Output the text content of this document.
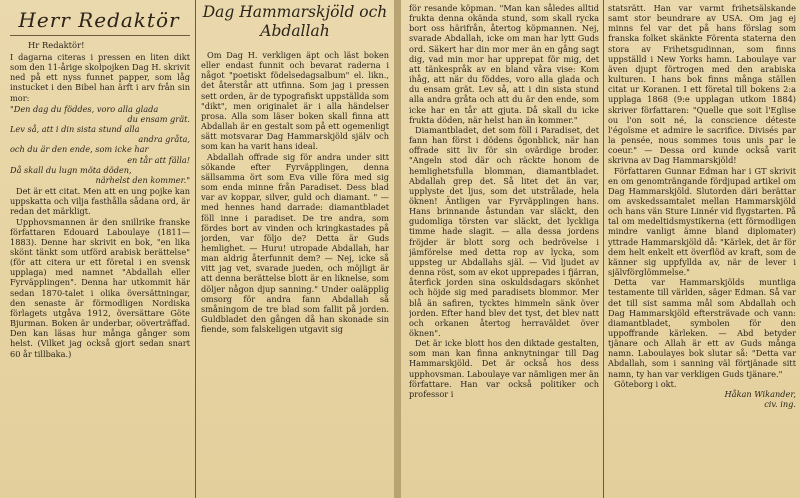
Herr Redaktör
Hr Redaktör!

I dagarna citeras i pressen en liten dikt som den 11-årige skolpojken Dag H. skrivit ned på ett nyss funnet papper, som låg instucket i den Bibel han ärft i arv från sin mor:

"Den dag du föddes, voro alla glada
du ensam grät.
Lev så, att i din sista stund alla
andra gråta,
och du är den ende, som icke har
en tår att fälla!
Då skall du lugn möta döden,
närhelst den kommer."

Det är ett citat. Men att en ung pojke kan uppskatta och vilja fasthålla sådana ord, är redan det märkligt.

Upphovsmannen är den snillrike franske författaren Edouard Laboulaye (1811—1883). Denne har skrivit en bok, "en lika skönt tänkt som utförd arabisk berättelse" (för att citera ur ett företal i en svensk upplaga) med namnet "Abdallah eller Fyrväpplingen". Denna har utkommit här sedan 1870-talet i olika översättningar, den senaste är förmodligen Nordiska förlagets utgåva 1912, översättare Göte Bjurman. Boken är underbar, oöverträffad. Den kan läsas hur många gånger som helst. (Vilket jag också gjort sedan snart 60 år tillbaka.)

Dag Hammarskjöld och Abdallah

Om Dag H. verkligen äpt och läst boken eller endast funnit och bevarat raderna i något "poetiskt födelsedagsalbum" el. likn., det återstår att utfinna. Som jag i pressen sett orden, är de typografiskt uppställda som "dikt", men originalet är i alla händelser prosa. Alla som läser boken skall finna att Abdallah är en gestalt som på ett ogemenligt sätt motsvarar Dag Hammarskjöld själv och som kan ha varit hans ideal.

Abdallah offrade sig för andra under sitt sökande efter Fyrväpplingen, denna sällsamma ört som Eva ville föra med sig som enda minne från Paradiset. Dess blad var av koppar, silver, guld och diamant. " — med hennes hand darrade: diamantbladet föll inne i paradiset. De tre andra, som fördes bort av vinden och kringkastades på jorden, var följo de? Detta är Guds hemlighet. — Huru! utropade Abdallah, har man aldrig återfunnit dem? — Nej, icke så vitt jag vet, svarade jueden, och möjligt är att denna berättelse blott är en liknelse, som döljer någon djup sanning." Under oaläpplig omsorg för andra fann Abdallah så småningom de tre blad som fallit på jorden. Guldbladet den gången då han skonade sin fiende, som falskeligen utgavit sig

för resande köpman. "Man kan således alltid frukta denna okända stund, som skall rycka bort oss härifrån, återtog köpmannen. Nej, svarade Abdallah, icke om man har lytt Guds ord. Säkert har din mor mer än en gång sagt dig, vad min mor har upprepat för mig, det att tänkespråk av en bland våra vise: Kom ihåg, att när du föddes, voro alla glada och du ensam grät. Lev så, att i din sista stund alla andra gråta och att du är den ende, som icke har en tår att gjuta. Då skall du icke frukta döden, när helst han än kommer."

Diamantbladet, det som föll i Paradiset, det fann han först i dödens ögonblick, när han offrade sitt liv för sin ovärdige broder. "Angeln stod där och räckte honom de hemlighetsfulla blomman, diamantbladet. Abdallah grep det. Så litet det än var, upplyste det ljus, som det utstrålade, hela öknen! Äntligen var Fyrväpplingen hans. Hans brinnande åstundan var släckt, den gudomliga törsten var släckt, det lyckliga timme hade slagit. — alla dessa jordens fröjder är blott sorg och bedrövelse i jämförelse med detta rop av lycka, som uppsteg ur Abdallahs själ. — Vid ljudet av denna röst, som av ekot upprepades i fjärran, återfick jorden sina oskuldsdagars skönhet och höjde sig med paradisets blommor. Mer blå än safiren, tycktes himmeln sänk över jorden. Efter hand blev det tyst, det blev natt och orkanen återtog herraväldet över öknen".

Det är icke blott hos den diktade gestalten, som man kan finna anknytningar till Dag Hammarskjöld. Det är också hos dess upphovsman. Laboulaye var nämligen mer än författare. Han var också politiker och professor i

statsrätt. Han var varmt frihetsälskande samt stor beundrare av USA. Om jag ej minns fel var det på hans förslag som franska folket skänkte Förenta staterna den stora av Frihetsgudinnan, som finns uppställd i New Yorks hamn. Laboulaye var även djupt förtrogen med den arabiska kulturen. I hans bok finns många ställen citat ur Koranen. I ett företal till bokens 2:a upplaga 1868 (9:e upplagan utkom 1884) skriver författaren: "Quelle que soit l'Eglise ou l'on soit né, la conscience déteste l'égoïsme et admire le sacrifice. Divisés par la pensée, nous sommes tous unis par le coeur." — Dessa ord kunde också varit skrivna av Dag Hammarskjöld!

Författaren Gunnar Edman har i GT skrivit en om genomträngande fördjupad artikel om Dag Hammarskjöld. Slutorden däri berättar om avskedssamtalet mellan Hammarskjöld och hans vän Sture Linnér vid flygstarten. På tal om medeltidsmystikerna (ett förmodligen mindre vanligt ämne bland diplomater) yttrade Hammarskjöld då: "Kärlek, det är för dem helt enkelt ett överflöd av kraft, som de känner sig uppfyllda av, när de lever i självförglömmelse."

Detta var Hammarskjölds muntliga testamente till världen, säger Edman. Så var det till sist samma mål som Abdallah och Dag Hammarskjöld eftersträvade och vann: diamantbladet, symbolen för den uppoffrande kärleken. — Abd betyder tjänare och Allah är ett av Guds många namn. Laboulayes bok slutar så: "Detta var Abdallah, som i sanning väl förtjänade sitt namn, ty han var verkligen Guds tjänare."

Göteborg i okt.

Håkan Wikander,
civ. ing.
